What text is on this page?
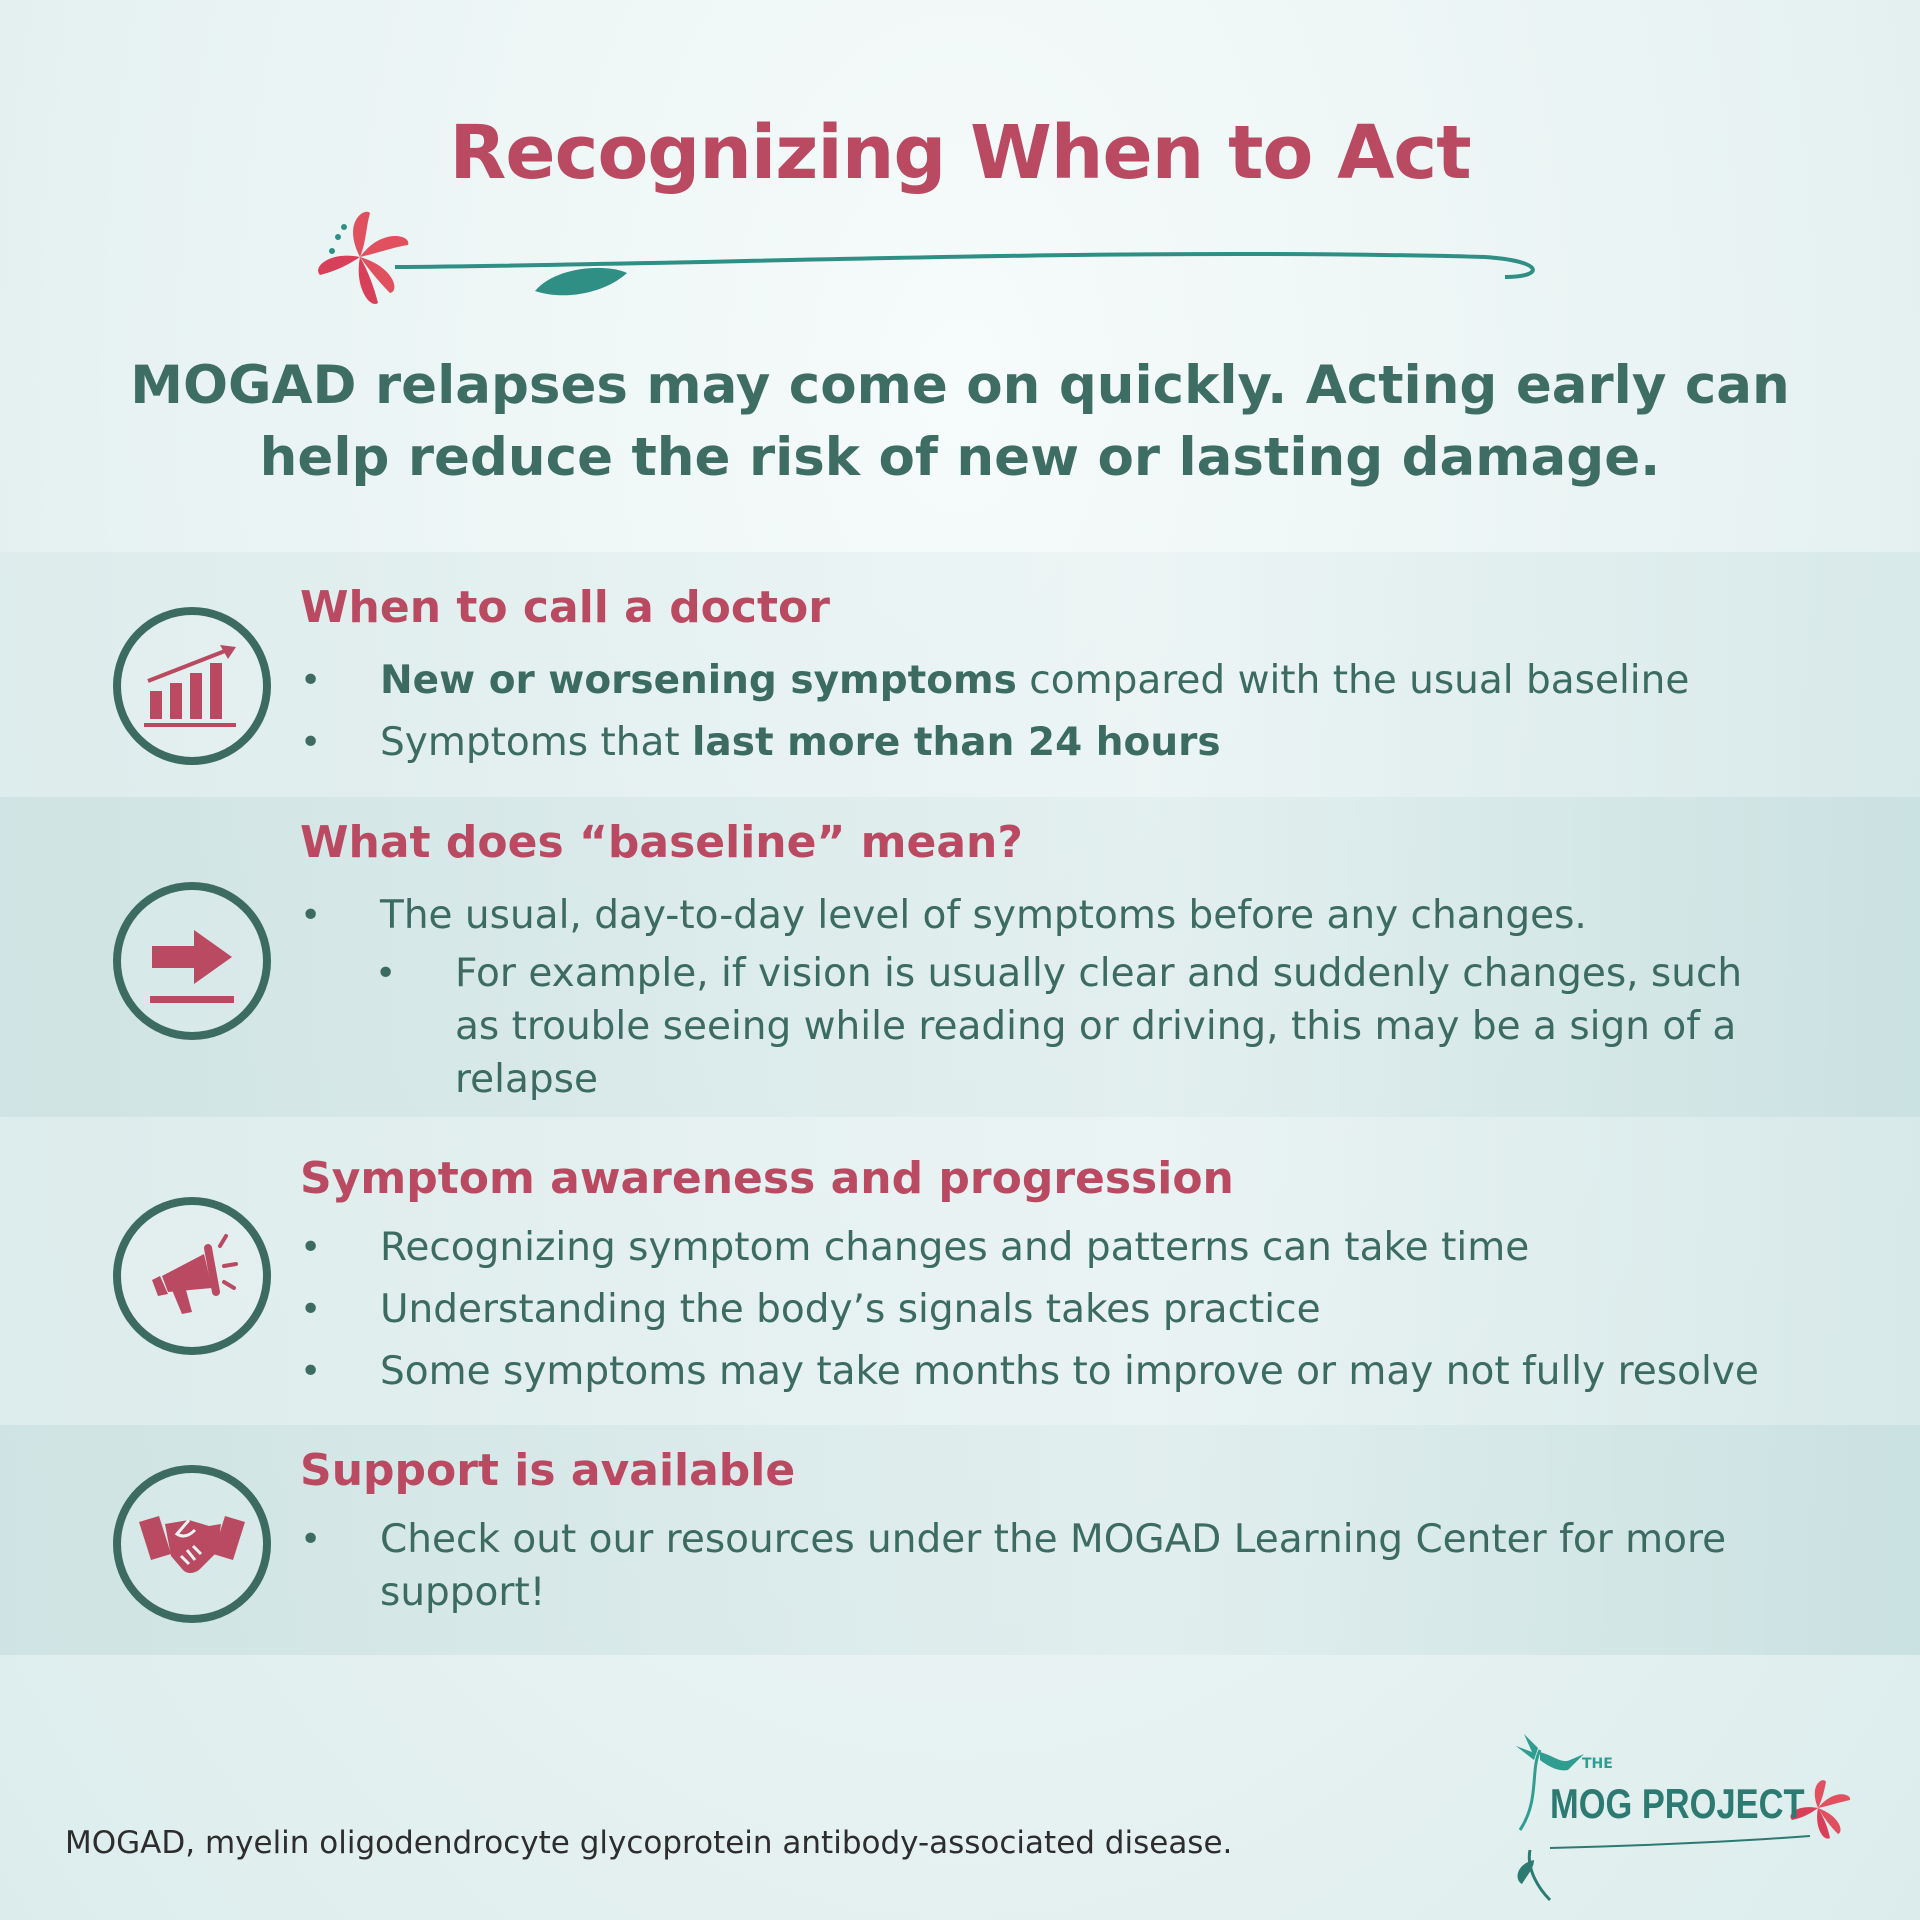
Recognizing When to Act
MOGAD relapses may come on quickly. Acting early can help reduce the risk of new or lasting damage.
When to call a doctor
• New or worsening symptoms compared with the usual baseline
• Symptoms that last more than 24 hours
What does “baseline” mean?
• The usual, day-to-day level of symptoms before any changes.
• For example, if vision is usually clear and suddenly changes, such as trouble seeing while reading or driving, this may be a sign of a relapse
Symptom awareness and progression
• Recognizing symptom changes and patterns can take time
• Understanding the body’s signals takes practice
• Some symptoms may take months to improve or may not fully resolve
Support is available
• Check out our resources under the MOGAD Learning Center for more support!
MOGAD, myelin oligodendrocyte glycoprotein antibody-associated disease.
THE
MOG PROJECT
